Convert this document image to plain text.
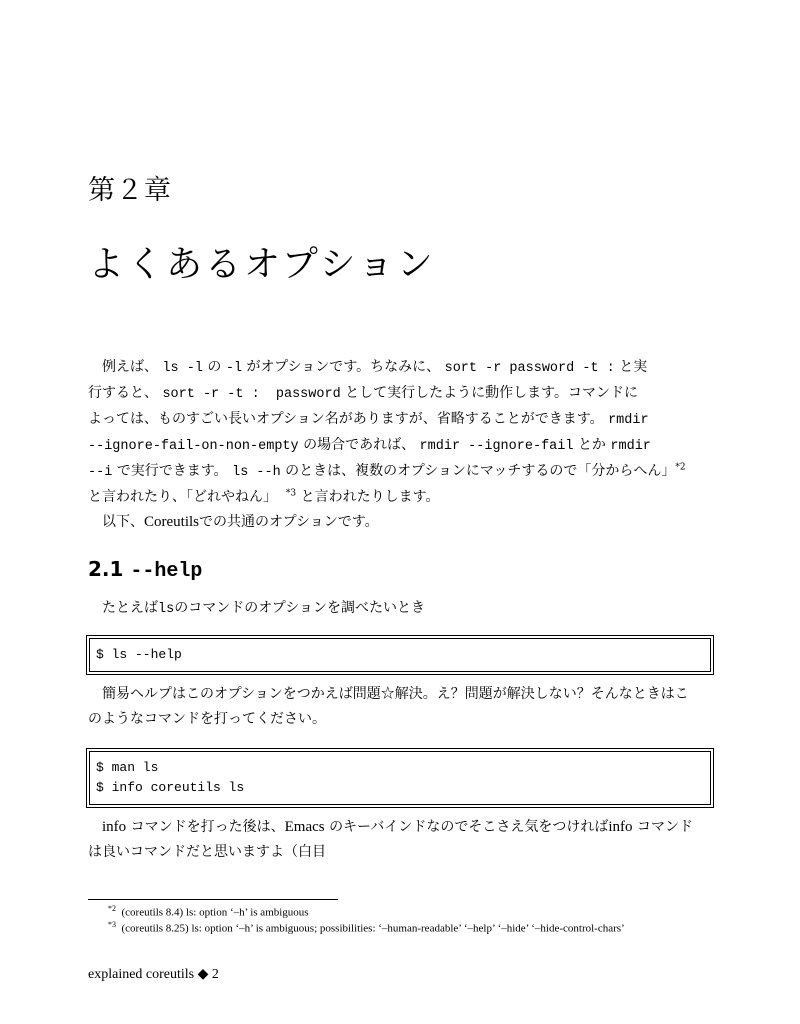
第２章
よくあるオプション
　例えば、 ls -l の -l がオプションです。ちなみに、 sort -r password -t : と実
行すると、 sort -r -t :  password として実行したように動作します。コマンドに
よっては、ものすごい長いオプション名がありますが、省略することができます。 rmdir
--ignore-fail-on-non-empty の場合であれば、 rmdir --ignore-fail とか rmdir
--i で実行できます。 ls --h のときは、複数のオプションにマッチするので「分からへん」$^{*2}$
と言われたり、「どれやねん」 $^{*3}$ と言われたりします。
　以下、Coreutilsでの共通のオプションです。
2.1 --help
　たとえばlsのコマンドのオプションを調べたいとき
$ ls --help
　簡易ヘルプはこのオプションをつかえば問題☆解決。え？問題が解決しない？そんなときはこ
のようなコマンドを打ってください。
$ man ls
$ info coreutils ls
　info コマンドを打った後は、Emacs のキーバインドなのでそこさえ気をつければinfo コマンド
は良いコマンドだと思いますよ（白目
$^{*2}$ (coreutils 8.4) ls: option ‘–h’ is ambiguous
$^{*3}$ (coreutils 8.25) ls: option ‘–h’ is ambiguous; possibilities: ‘–human-readable’ ‘–help’ ‘–hide’ ‘–hide-control-chars’
explained coreutils ◆ 2
